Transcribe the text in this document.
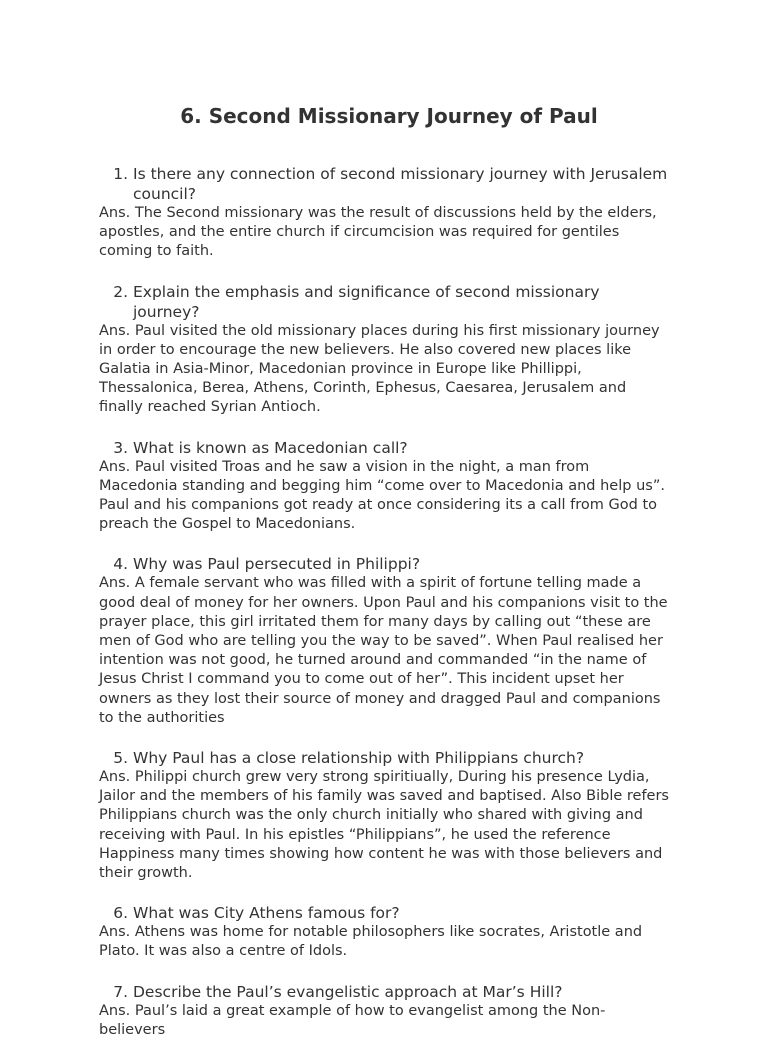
6. Second Missionary Journey of Paul
1. Is there any connection of second missionary journey with Jerusalem council?

Ans. The Second missionary was the result of discussions held by the elders, apostles, and the entire church if circumcision was required for gentiles coming to faith.

2. Explain the emphasis and significance of second missionary journey?

Ans. Paul visited the old missionary places during his first missionary journey in order to encourage the new believers. He also covered new places like Galatia in Asia-Minor, Macedonian province in Europe like Phillippi, Thessalonica, Berea, Athens, Corinth, Ephesus, Caesarea, Jerusalem and finally reached Syrian Antioch.

3. What is known as Macedonian call?

Ans. Paul visited Troas and he saw a vision in the night, a man from Macedonia standing and begging him “come over to Macedonia and help us”. Paul and his companions got ready at once considering its a call from God to preach the Gospel to Macedonians.

4. Why was Paul persecuted in Philippi?

Ans. A female servant who was filled with a spirit of fortune telling made a good deal of money for her owners. Upon Paul and his companions visit to the prayer place, this girl irritated them for many days by calling out “these are men of God who are telling you the way to be saved”. When Paul realised her intention was not good, he turned around and commanded “in the name of Jesus Christ I command you to come out of her”. This incident upset her owners as they lost their source of money and dragged Paul and companions to the authorities

5. Why Paul has a close relationship with Philippians church?

Ans. Philippi church grew very strong spiritiually, During his presence Lydia, Jailor and the members of his family was saved and baptised. Also Bible refers Philippians church was the only church initially who shared with giving and receiving with Paul. In his epistles “Philippians”, he used the reference Happiness many times showing how content he was with those believers and their growth.

6. What was City Athens famous for?

Ans. Athens was home for notable philosophers like socrates, Aristotle and Plato. It was also a centre of Idols.

7. Describe the Paul’s evangelistic approach at Mar’s Hill?

Ans. Paul’s laid a great example of how to evangelist among the Non-believers
